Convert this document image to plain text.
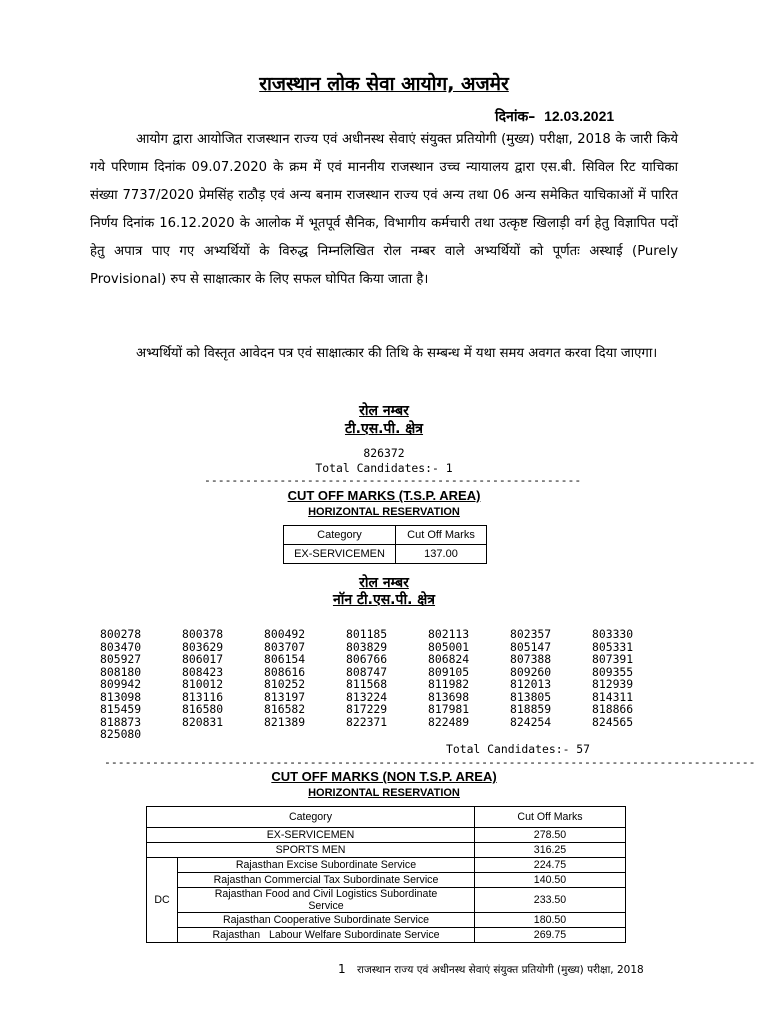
राजस्थान लोक सेवा आयोग, अजमेर
दिनांक– 12.03.2021

आयोग द्वारा आयोजित राजस्थान राज्य एवं अधीनस्थ सेवाएं संयुक्त प्रतियोगी (मुख्य) परीक्षा, 2018 के जारी किये गये परिणाम दिनांक 09.07.2020 के क्रम में एवं माननीय राजस्थान उच्च न्यायालय द्वारा एस.बी. सिविल रिट याचिका संख्या 7737/2020 प्रेमसिंह राठौड़ एवं अन्य बनाम राजस्थान राज्य एवं अन्य तथा 06 अन्य समेकित याचिकाओं में पारित निर्णय दिनांक 16.12.2020 के आलोक में भूतपूर्व सैनिक, विभागीय कर्मचारी तथा उत्कृष्ट खिलाड़ी वर्ग हेतु विज्ञापित पदों हेतु अपात्र पाए गए अभ्यर्थियों के विरुद्ध निम्नलिखित रोल नम्बर वाले अभ्यर्थियों को पूर्णतः अस्थाई (Purely Provisional) रुप से साक्षात्कार के लिए सफल घोपित किया जाता है।

अभ्यर्थियों को विस्तृत आवेदन पत्र एवं साक्षात्कार की तिथि के सम्बन्ध में यथा समय अवगत करवा दिया जाएगा।

रोल नम्बर
टी.एस.पी. क्षेत्र
826372
Total Candidates:- 1
-------------------------------------------------------
CUT OFF MARKS (T.S.P. AREA)
HORIZONTAL RESERVATION
Category	Cut Off Marks
EX-SERVICEMEN	137.00
रोल नम्बर
नॉन टी.एस.पी. क्षेत्र
800278	800378	800492	801185	802113	802357	803330
803470	803629	803707	803829	805001	805147	805331
805927	806017	806154	806766	806824	807388	807391
808180	808423	808616	808747	809105	809260	809355
809942	810012	810252	811568	811982	812013	812939
813098	813116	813197	813224	813698	813805	814311
815459	816580	816582	817229	817981	818859	818866
818873	820831	821389	822371	822489	824254	824565
825080
Total Candidates:- 57
-----------------------------------------------------------------------------------------------
CUT OFF MARKS (NON T.S.P. AREA)
HORIZONTAL RESERVATION
Category		Cut Off Marks
EX-SERVICEMEN		278.50
SPORTS MEN		316.25
DC	Rajasthan Excise Subordinate Service	224.75
	Rajasthan Commercial Tax Subordinate Service	140.50
	Rajasthan Food and Civil Logistics Subordinate Service	233.50
	Rajasthan Cooperative Subordinate Service	180.50
	Rajasthan   Labour Welfare Subordinate Service	269.75
1 राजस्थान राज्य एवं अधीनस्थ सेवाएं संयुक्त प्रतियोगी (मुख्य) परीक्षा, 2018
